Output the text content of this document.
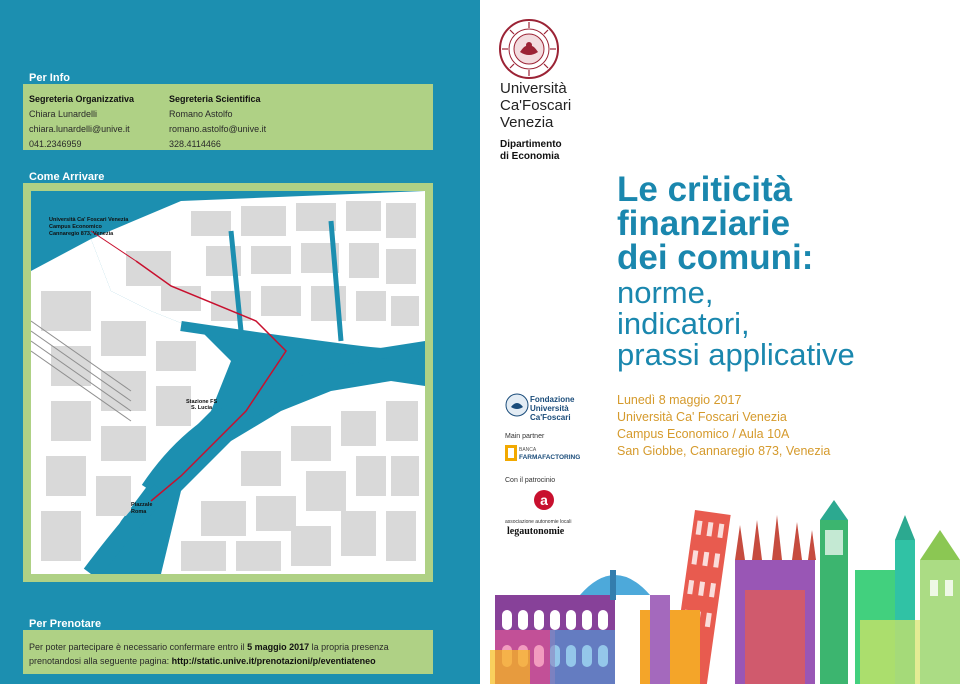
Per Info
Segreteria Organizzativa
Chiara Lunardelli
chiara.lunardelli@unive.it
041.2346959
Segreteria Scientifica
Romano Astolfo
romano.astolfo@unive.it
328.4114466
Come Arrivare
Università Ca' Foscari Venezia
Campus Economico
Cannaregio 873, Venezia
Stazione FS
S. Lucia
Piazzale
Roma
Per Prenotare
Per poter partecipare è necessario confermare entro il 5 maggio 2017 la propria presenza
prenotandosi alla seguente pagina: http://static.unive.it/prenotazioni/p/eventiateneo
Università
Ca'Foscari
Venezia
Dipartimento
di Economia
Le criticità
finanziarie
dei comuni:
norme,
indicatori,
prassi applicative
Lunedì 8 maggio 2017
Università Ca' Foscari Venezia
Campus Economico / Aula 10A
San Giobbe, Cannaregio 873, Venezia
Fondazione
Università
Ca'Foscari
Main partner
BANCA
FARMAFACTORING
Con il patrocinio
a
associazione autonomie locali
legautonomie
